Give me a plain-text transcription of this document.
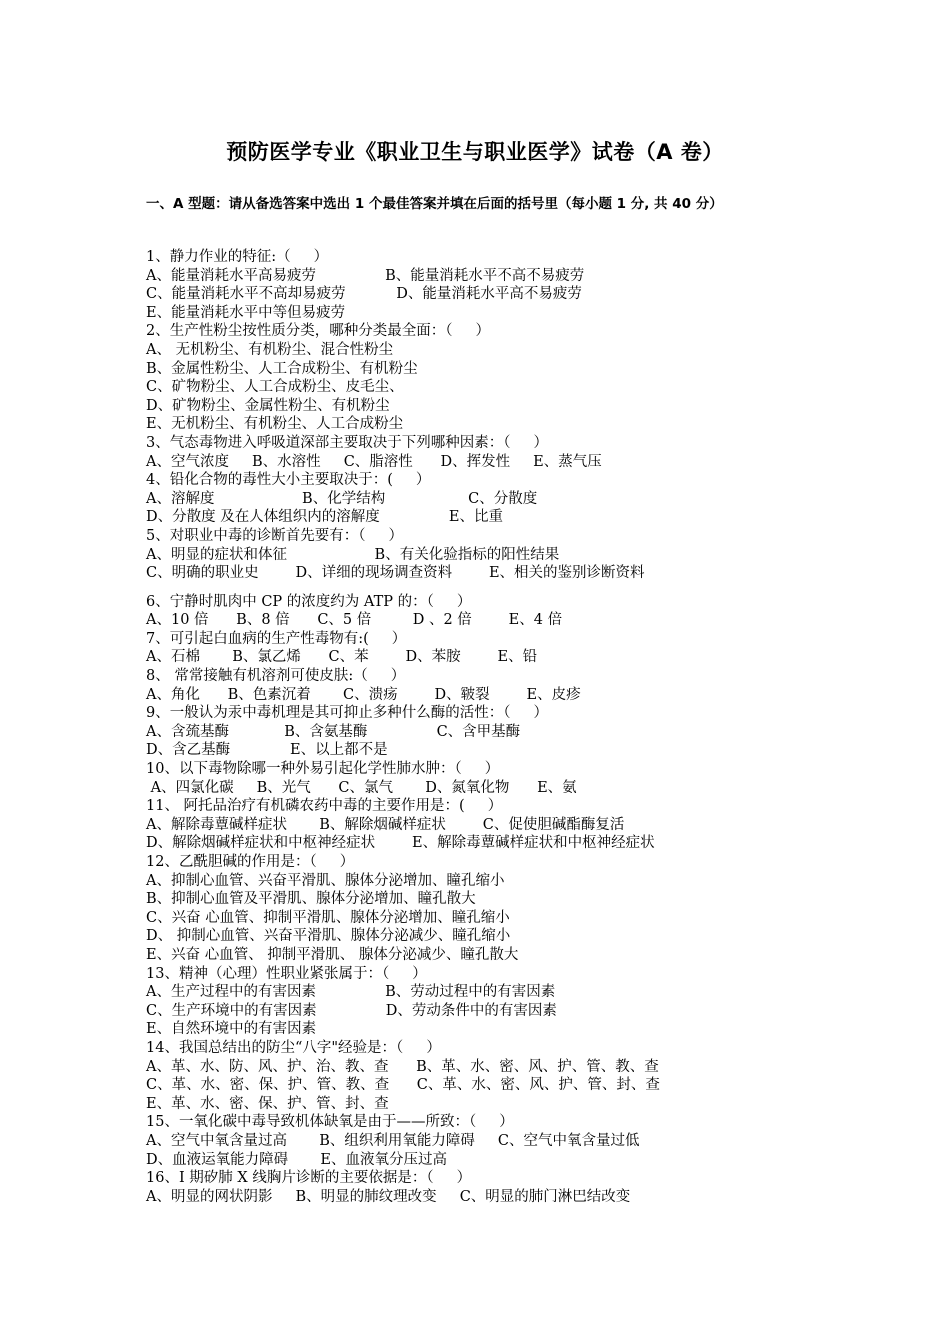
预防医学专业《职业卫生与职业医学》试卷（A 卷）
一、A 型题：请从备选答案中选出 1 个最佳答案并填在后面的括号里（每小题 1 分, 共 40 分）
1、静力作业的特征:（     ）
A、能量消耗水平高易疲劳               B、能量消耗水平不高不易疲劳
C、能量消耗水平不高却易疲劳           D、能量消耗水平高不易疲劳
E、能量消耗水平中等但易疲劳
2、生产性粉尘按性质分类，哪种分类最全面：（     ）
A、 无机粉尘、有机粉尘、混合性粉尘
B、金属性粉尘、人工合成粉尘、有机粉尘
C、矿物粉尘、人工合成粉尘、皮毛尘、
D、矿物粉尘、金属性粉尘、有机粉尘
E、无机粉尘、有机粉尘、人工合成粉尘
3、气态毒物进入呼吸道深部主要取决于下列哪种因素：（     ）
A、空气浓度     B、水溶性     C、脂溶性      D、挥发性     E、蒸气压
4、铅化合物的毒性大小主要取决于：(     ）
A、溶解度                   B、化学结构                  C、分散度
D、分散度 及在人体组织内的溶解度               E、比重
5、对职业中毒的诊断首先要有：（     ）
A、明显的症状和体征                   B、有关化验指标的阳性结果
C、明确的职业史        D、详细的现场调查资料        E、相关的鉴别诊断资料
6、宁静时肌肉中 CP 的浓度约为 ATP 的：（     ）
A、10 倍      B、8 倍      C、5 倍         D 、2 倍        E、4 倍
7、可引起白血病的生产性毒物有:(     ）
A、石棉       B、氯乙烯      C、苯        D、苯胺        E、铅
8、 常常接触有机溶剂可使皮肤:（     ）
A、角化      B、色素沉着       C、溃疡        D、皲裂        E、皮疹
9、一般认为汞中毒机理是其可抑止多种什么酶的活性：（     ）
A、含巯基酶            B、含氨基酶               C、含甲基酶
D、含乙基酶             E、以上都不是
10、以下毒物除哪一种外易引起化学性肺水肿：（     ）
A、四氯化碳     B、光气      C、氯气       D、氮氧化物      E、氨
11、 阿托品治疗有机磷农药中毒的主要作用是：(     ）
A、解除毒蕈碱样症状       B、解除烟碱样症状        C、促使胆碱酯酶复活
D、解除烟碱样症状和中枢神经症状        E、解除毒蕈碱样症状和中枢神经症状
12、乙酰胆碱的作用是：（     ）
A、抑制心血管、兴奋平滑肌、腺体分泌增加、瞳孔缩小
B、抑制心血管及平滑肌、腺体分泌增加、瞳孔散大
C、兴奋 心血管、抑制平滑肌、腺体分泌增加、瞳孔缩小
D、 抑制心血管、兴奋平滑肌、腺体分泌减少、瞳孔缩小
E、兴奋 心血管、 抑制平滑肌、 腺体分泌减少、瞳孔散大
13、精神（心理）性职业紧张属于：（     ）
A、生产过程中的有害因素               B、劳动过程中的有害因素
C、生产环境中的有害因素               D、劳动条件中的有害因素
E、自然环境中的有害因素
14、我国总结出的防尘“八字"经验是：（     ）
A、革、水、防、风、护、治、教、查      B、革、水、密、风、护、管、教、查
C、革、水、密、保、护、管、教、查      C、革、水、密、风、护、管、封、查
E、革、水、密、保、护、管、封、查
15、一氧化碳中毒导致机体缺氧是由于——所致：（     ）
A、空气中氧含量过高       B、组织利用氧能力障碍     C、空气中氧含量过低
D、血液运氧能力障碍       E、血液氧分压过高
16、I 期矽肺 X 线胸片诊断的主要依据是：（     ）
A、明显的网状阴影     B、明显的肺纹理改变     C、明显的肺门淋巴结改变
